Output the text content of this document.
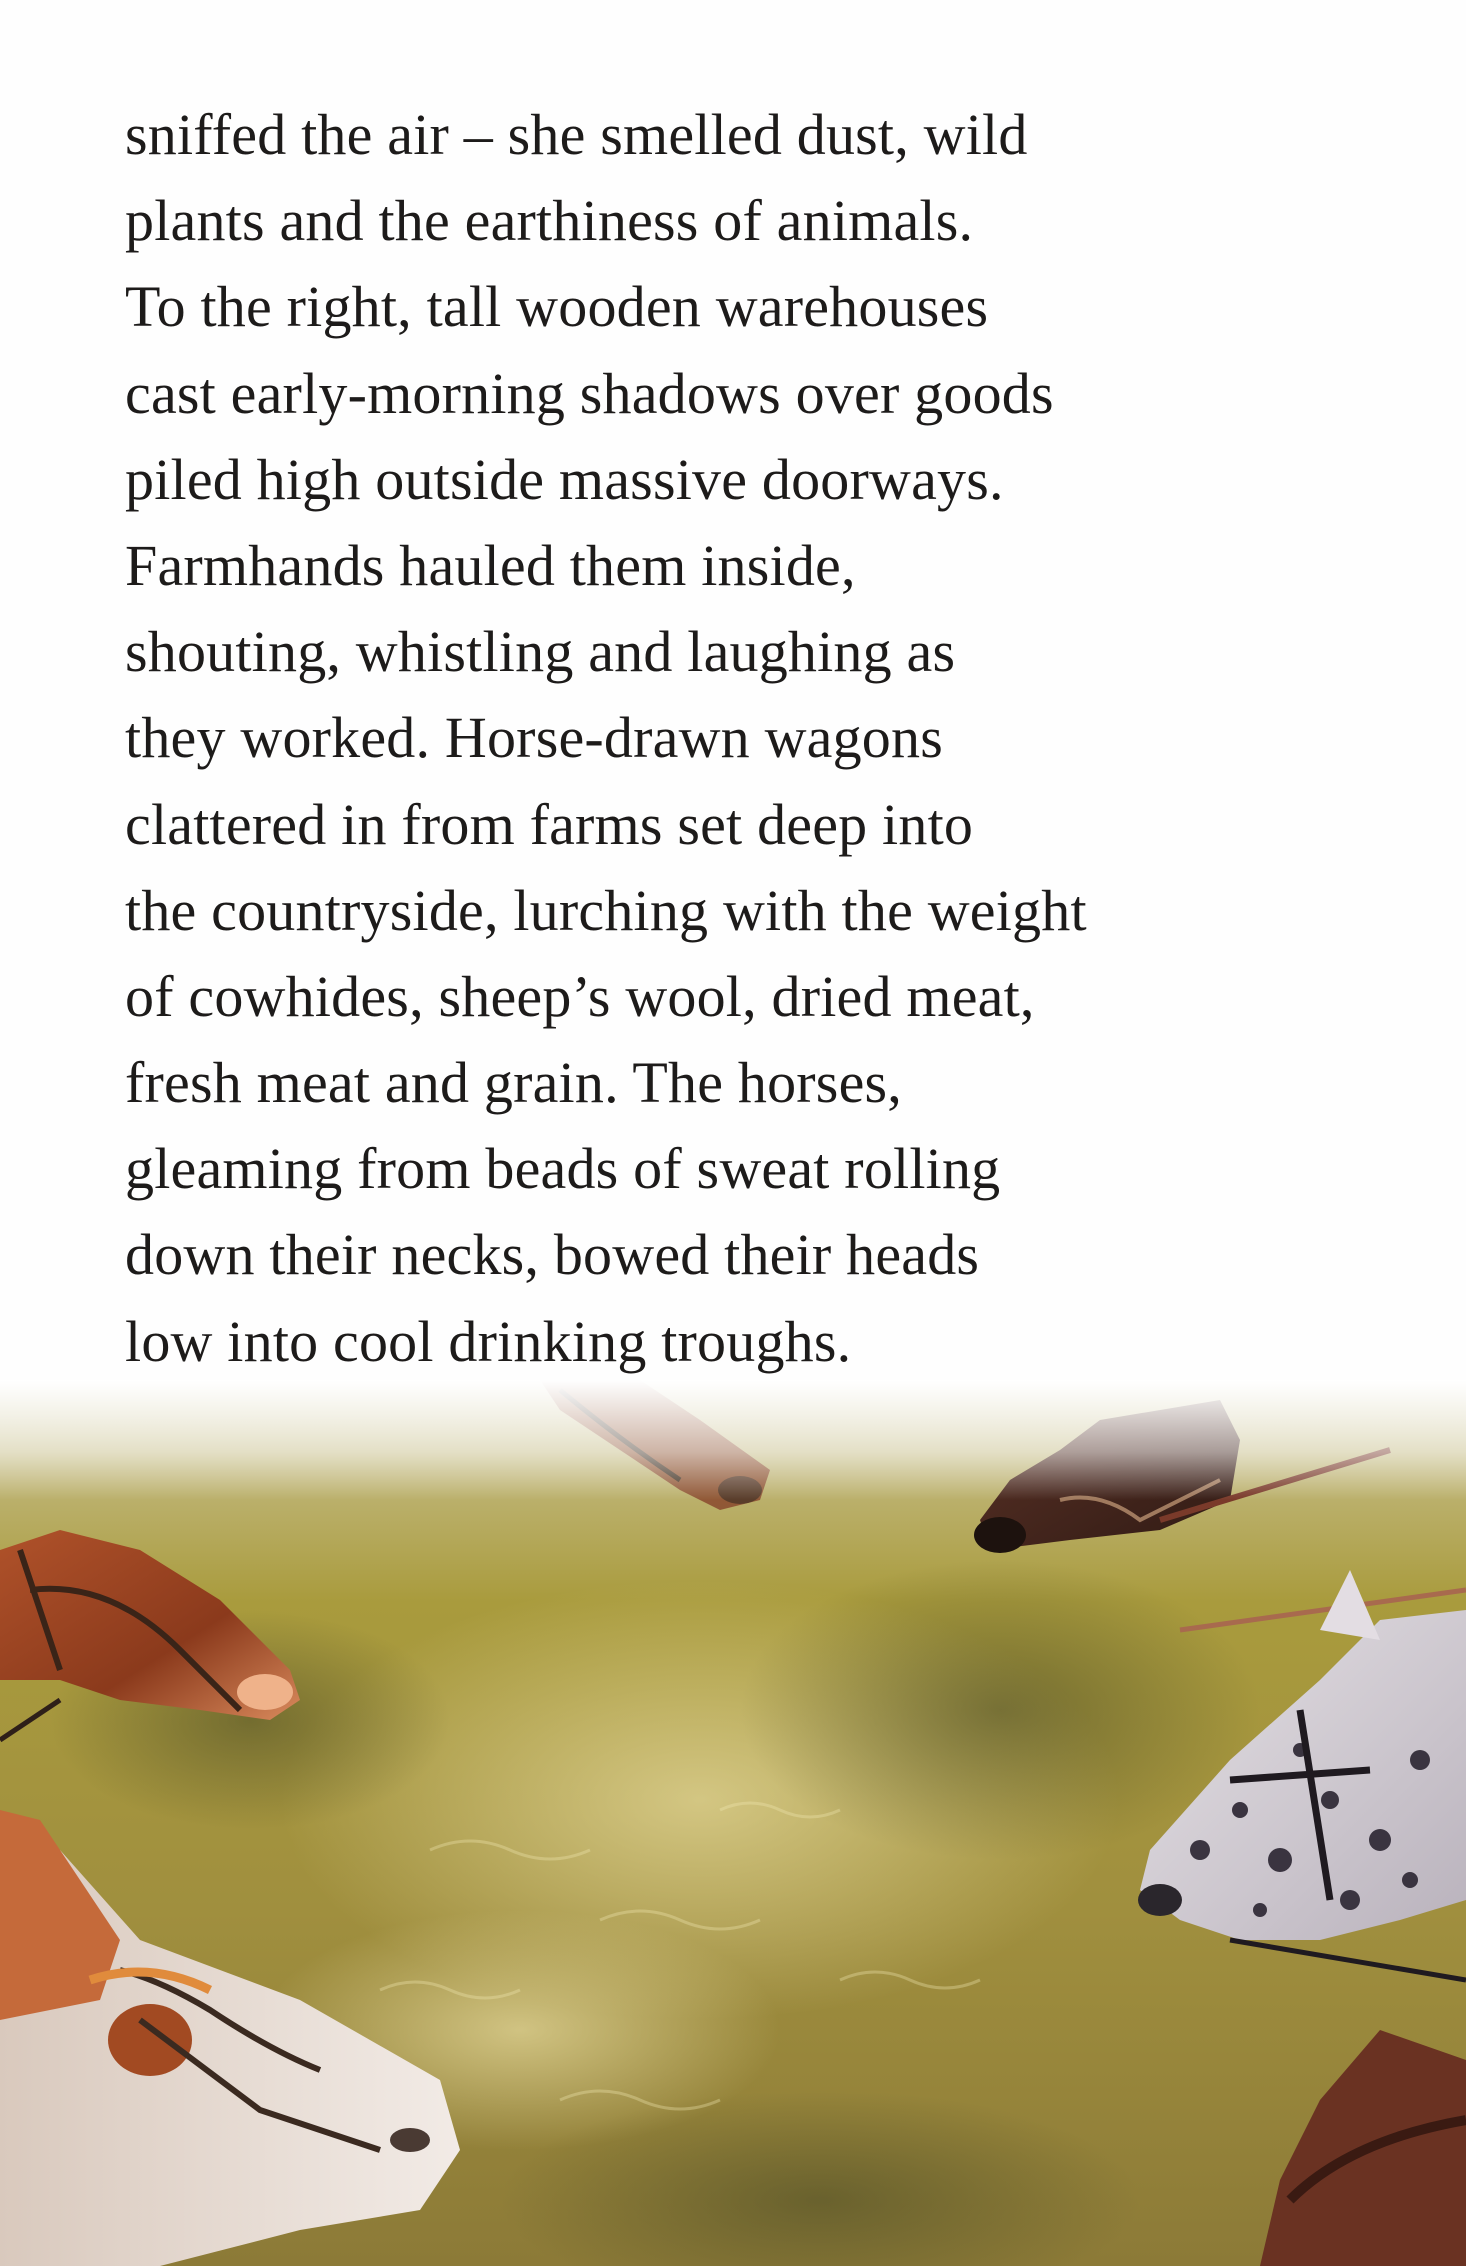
sniffed the air – she smelled dust, wild
plants and the earthiness of animals.
To the right, tall wooden warehouses
cast early-morning shadows over goods
piled high outside massive doorways.
Farmhands hauled them inside,
shouting, whistling and laughing as
they worked. Horse-drawn wagons
clattered in from farms set deep into
the countryside, lurching with the weight
of cowhides, sheep’s wool, dried meat,
fresh meat and grain. The horses,
gleaming from beads of sweat rolling
down their necks, bowed their heads
low into cool drinking troughs.
